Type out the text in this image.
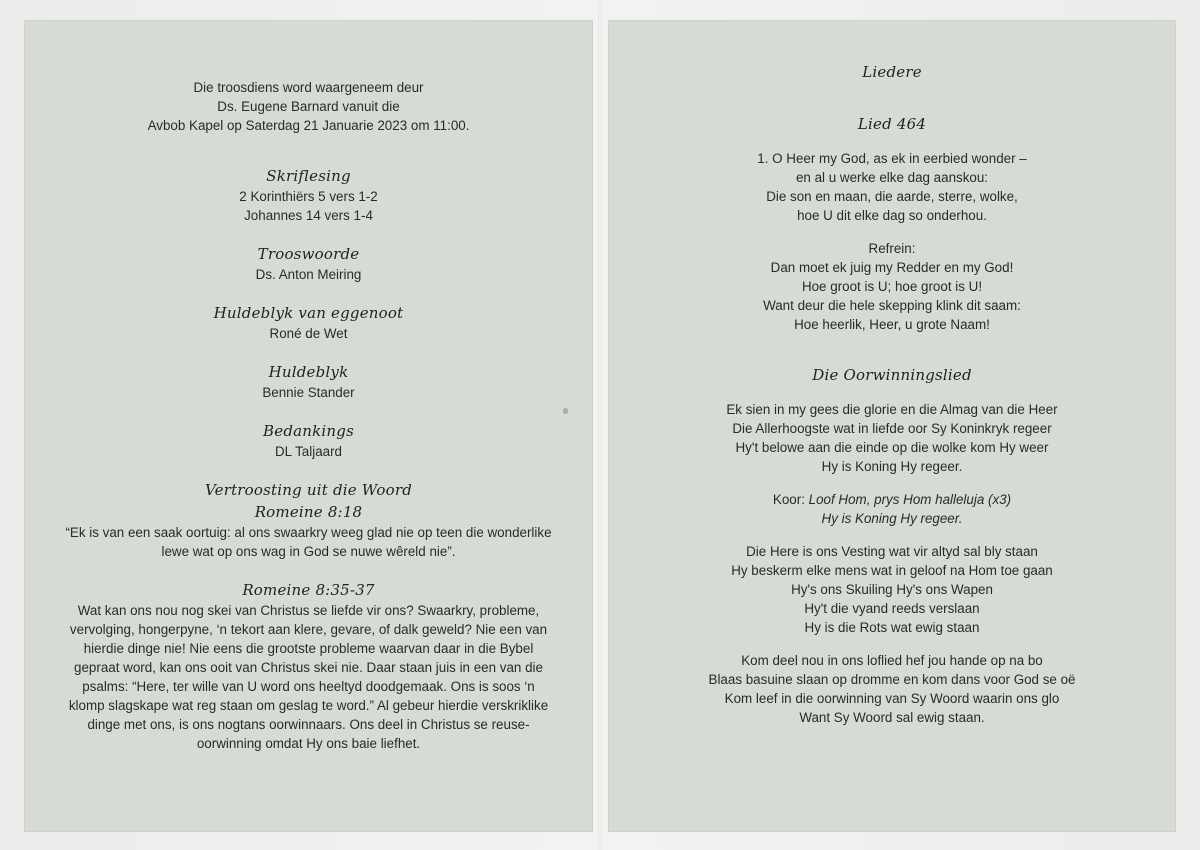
Die troosdiens word waargeneem deur
Ds. Eugene Barnard vanuit die
Avbob Kapel op Saterdag 21 Januarie 2023 om 11:00.
Skriflesing
2 Korinthiërs 5 vers 1-2
Johannes 14 vers 1-4
Trooswoorde
Ds. Anton Meiring
Huldeblyk van eggenoot
Roné de Wet
Huldeblyk
Bennie Stander
Bedankings
DL Taljaard
Vertroosting uit die Woord
Romeine 8:18
“Ek is van een saak oortuig: al ons swaarkry weeg glad nie op teen die wonderlike
lewe wat op ons wag in God se nuwe wêreld nie”.
Romeine 8:35-37
Wat kan ons nou nog skei van Christus se liefde vir ons? Swaarkry, probleme,
vervolging, hongerpyne, ‘n tekort aan klere, gevare, of dalk geweld? Nie een van
hierdie dinge nie! Nie eens die grootste probleme waarvan daar in die Bybel
gepraat word, kan ons ooit van Christus skei nie. Daar staan juis in een van die
psalms: “Here, ter wille van U word ons heeltyd doodgemaak. Ons is soos ‘n
klomp slagskape wat reg staan om geslag te word.” Al gebeur hierdie verskriklike
dinge met ons, is ons nogtans oorwinnaars. Ons deel in Christus se reuse-
oorwinning omdat Hy ons baie liefhet.
Liedere
Lied 464
1. O Heer my God, as ek in eerbied wonder –
en al u werke elke dag aanskou:
Die son en maan, die aarde, sterre, wolke,
hoe U dit elke dag so onderhou.
Refrein:
Dan moet ek juig my Redder en my God!
Hoe groot is U; hoe groot is U!
Want deur die hele skepping klink dit saam:
Hoe heerlik, Heer, u grote Naam!
Die Oorwinningslied
Ek sien in my gees die glorie en die Almag van die Heer
Die Allerhoogste wat in liefde oor Sy Koninkryk regeer
Hy't belowe aan die einde op die wolke kom Hy weer
Hy is Koning Hy regeer.
Koor: Loof Hom, prys Hom halleluja (x3)
Hy is Koning Hy regeer.
Die Here is ons Vesting wat vir altyd sal bly staan
Hy beskerm elke mens wat in geloof na Hom toe gaan
Hy's ons Skuiling Hy's ons Wapen
Hy't die vyand reeds verslaan
Hy is die Rots wat ewig staan
Kom deel nou in ons loflied hef jou hande op na bo
Blaas basuine slaan op dromme en kom dans voor God se oë
Kom leef in die oorwinning van Sy Woord waarin ons glo
Want Sy Woord sal ewig staan.
